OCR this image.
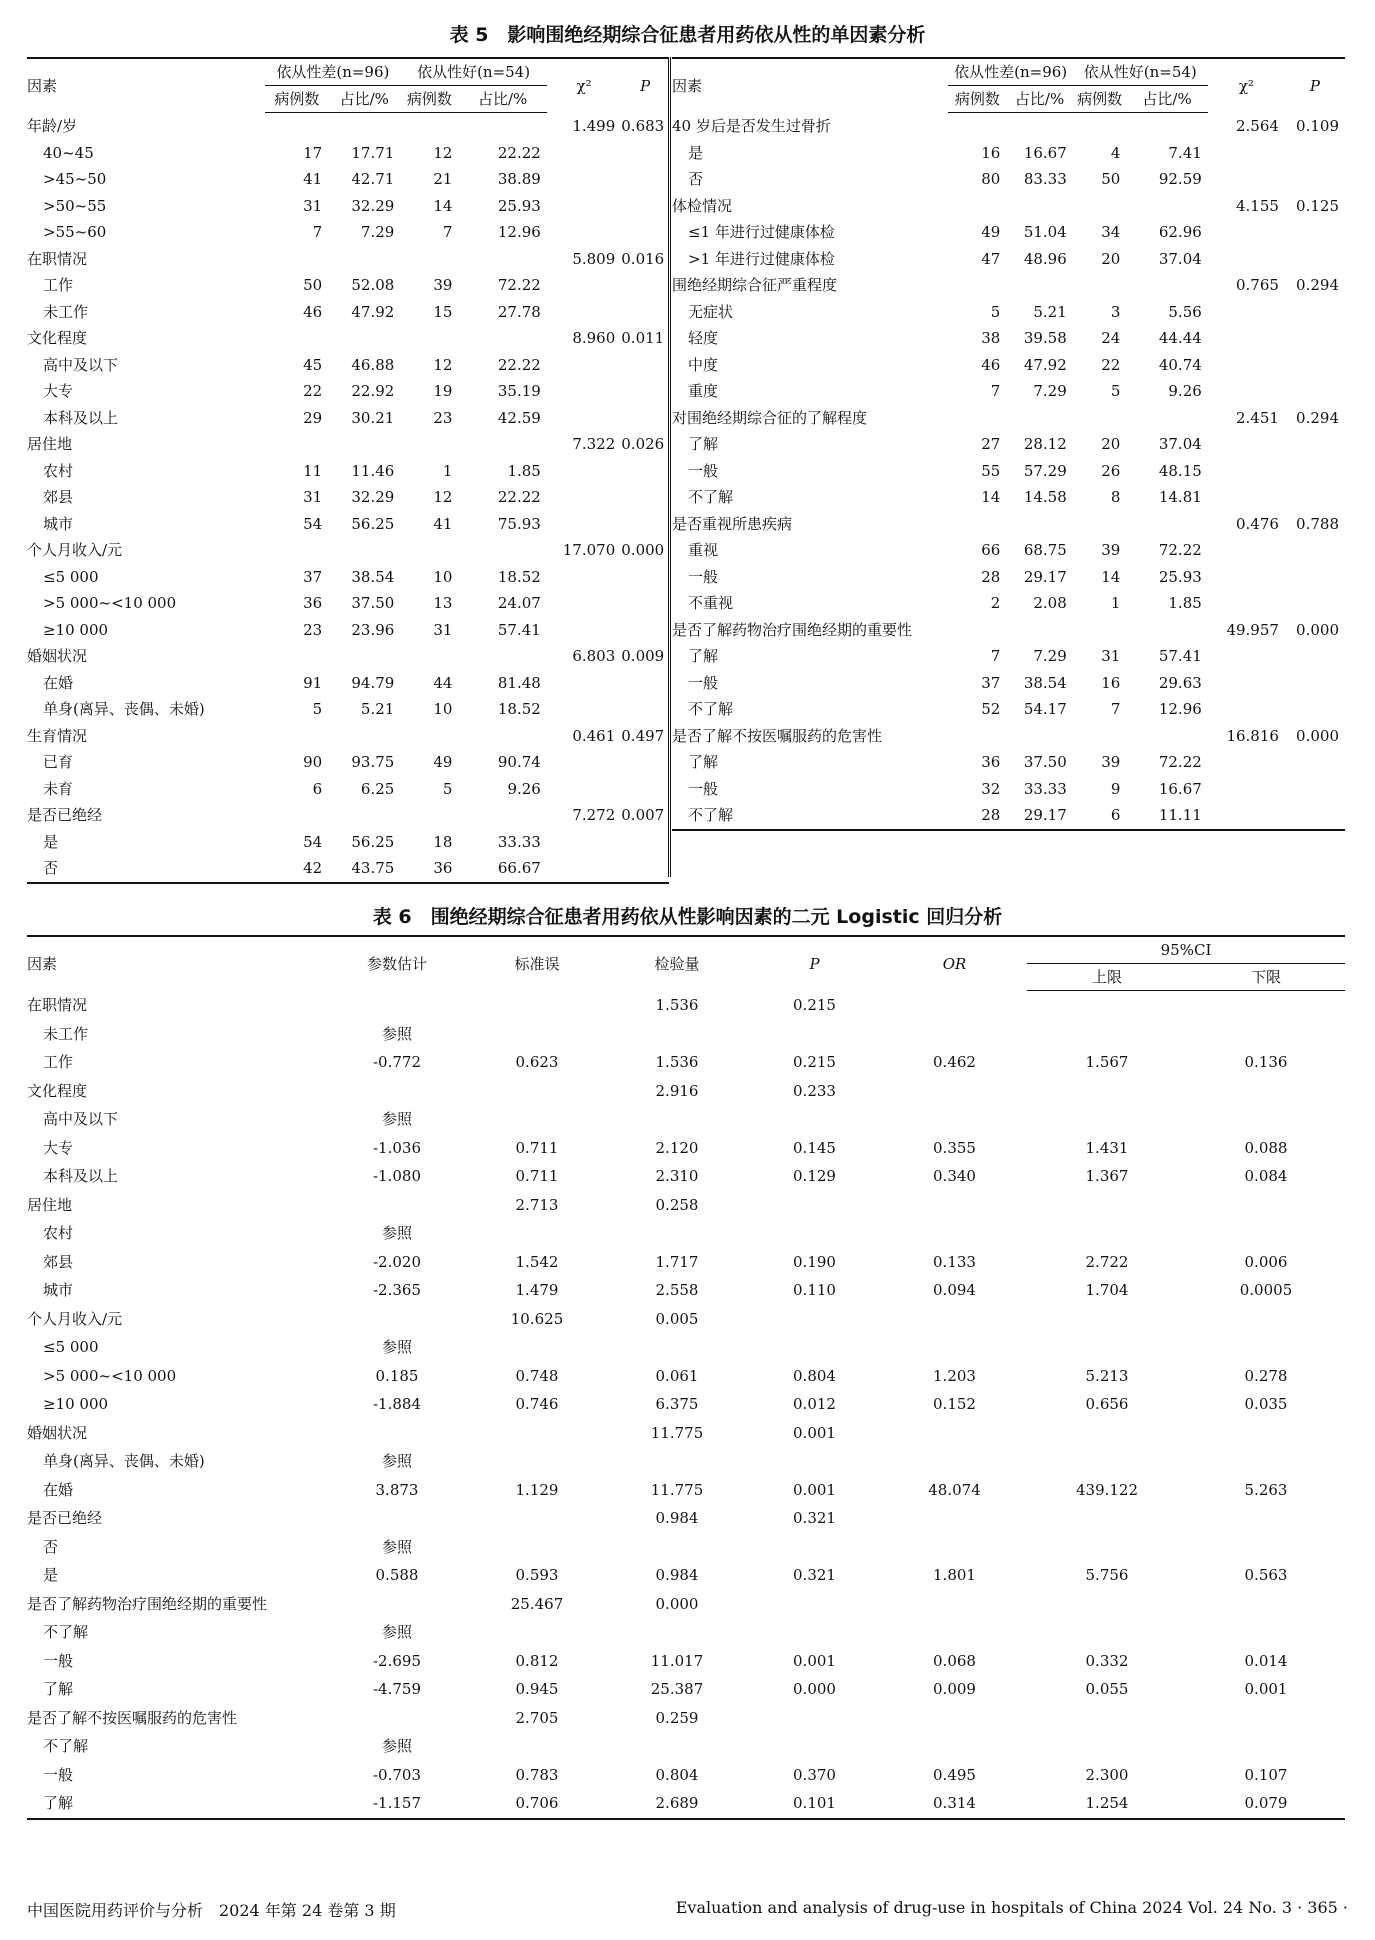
表 5　影响围绝经期综合征患者用药依从性的单因素分析
因素	依从性差(n=96)		依从性好(n=54)		χ²	P
	病例数	占比/%	病例数	占比/%		
年龄/岁					1.499	0.683
40~45	17	17.71	12	22.22		
>45~50	41	42.71	21	38.89		
>50~55	31	32.29	14	25.93		
>55~60	7	7.29	7	12.96		
在职情况					5.809	0.016
工作	50	52.08	39	72.22		
未工作	46	47.92	15	27.78		
文化程度					8.960	0.011
高中及以下	45	46.88	12	22.22		
大专	22	22.92	19	35.19		
本科及以上	29	30.21	23	42.59		
居住地					7.322	0.026
农村	11	11.46	1	1.85		
郊县	31	32.29	12	22.22		
城市	54	56.25	41	75.93		
个人月收入/元					17.070	0.000
≤5 000	37	38.54	10	18.52		
>5 000~<10 000	36	37.50	13	24.07		
≥10 000	23	23.96	31	57.41		
婚姻状况					6.803	0.009
在婚	91	94.79	44	81.48		
单身(离异、丧偶、未婚)	5	5.21	10	18.52		
生育情况					0.461	0.497
已育	90	93.75	49	90.74		
未育	6	6.25	5	9.26		
是否已绝经					7.272	0.007
是	54	56.25	18	33.33		
否	42	43.75	36	66.67		
因素	依从性差(n=96)		依从性好(n=54)		χ²	P
	病例数	占比/%	病例数	占比/%		
40 岁后是否发生过骨折					2.564	0.109
是	16	16.67	4	7.41		
否	80	83.33	50	92.59		
体检情况					4.155	0.125
≤1 年进行过健康体检	49	51.04	34	62.96		
>1 年进行过健康体检	47	48.96	20	37.04		
围绝经期综合征严重程度					0.765	0.294
无症状	5	5.21	3	5.56		
轻度	38	39.58	24	44.44		
中度	46	47.92	22	40.74		
重度	7	7.29	5	9.26		
对围绝经期综合征的了解程度					2.451	0.294
了解	27	28.12	20	37.04		
一般	55	57.29	26	48.15		
不了解	14	14.58	8	14.81		
是否重视所患疾病					0.476	0.788
重视	66	68.75	39	72.22		
一般	28	29.17	14	25.93		
不重视	2	2.08	1	1.85		
是否了解药物治疗围绝经期的重要性					49.957	0.000
了解	7	7.29	31	57.41		
一般	37	38.54	16	29.63		
不了解	52	54.17	7	12.96		
是否了解不按医嘱服药的危害性					16.816	0.000
了解	36	37.50	39	72.22		
一般	32	33.33	9	16.67		
不了解	28	29.17	6	11.11		
表 6　围绝经期综合征患者用药依从性影响因素的二元 Logistic 回归分析
因素	参数估计	标准误	检验量	P	OR	95%CI	
						上限	下限
在职情况			1.536	0.215			
未工作	参照						
工作	-0.772	0.623	1.536	0.215	0.462	1.567	0.136
文化程度			2.916	0.233			
高中及以下	参照						
大专	-1.036	0.711	2.120	0.145	0.355	1.431	0.088
本科及以上	-1.080	0.711	2.310	0.129	0.340	1.367	0.084
居住地		2.713	0.258				
农村	参照						
郊县	-2.020	1.542	1.717	0.190	0.133	2.722	0.006
城市	-2.365	1.479	2.558	0.110	0.094	1.704	0.0005
个人月收入/元		10.625	0.005				
≤5 000	参照						
>5 000~<10 000	0.185	0.748	0.061	0.804	1.203	5.213	0.278
≥10 000	-1.884	0.746	6.375	0.012	0.152	0.656	0.035
婚姻状况			11.775	0.001			
单身(离异、丧偶、未婚)	参照						
在婚	3.873	1.129	11.775	0.001	48.074	439.122	5.263
是否已绝经			0.984	0.321			
否	参照						
是	0.588	0.593	0.984	0.321	1.801	5.756	0.563
是否了解药物治疗围绝经期的重要性		25.467	0.000				
不了解	参照						
一般	-2.695	0.812	11.017	0.001	0.068	0.332	0.014
了解	-4.759	0.945	25.387	0.000	0.009	0.055	0.001
是否了解不按医嘱服药的危害性		2.705	0.259				
不了解	参照						
一般	-0.703	0.783	0.804	0.370	0.495	2.300	0.107
了解	-1.157	0.706	2.689	0.101	0.314	1.254	0.079
中国医院用药评价与分析　2024 年第 24 卷第 3 期	Evaluation and analysis of drug-use in hospitals of China 2024 Vol. 24 No. 3 · 365 ·
